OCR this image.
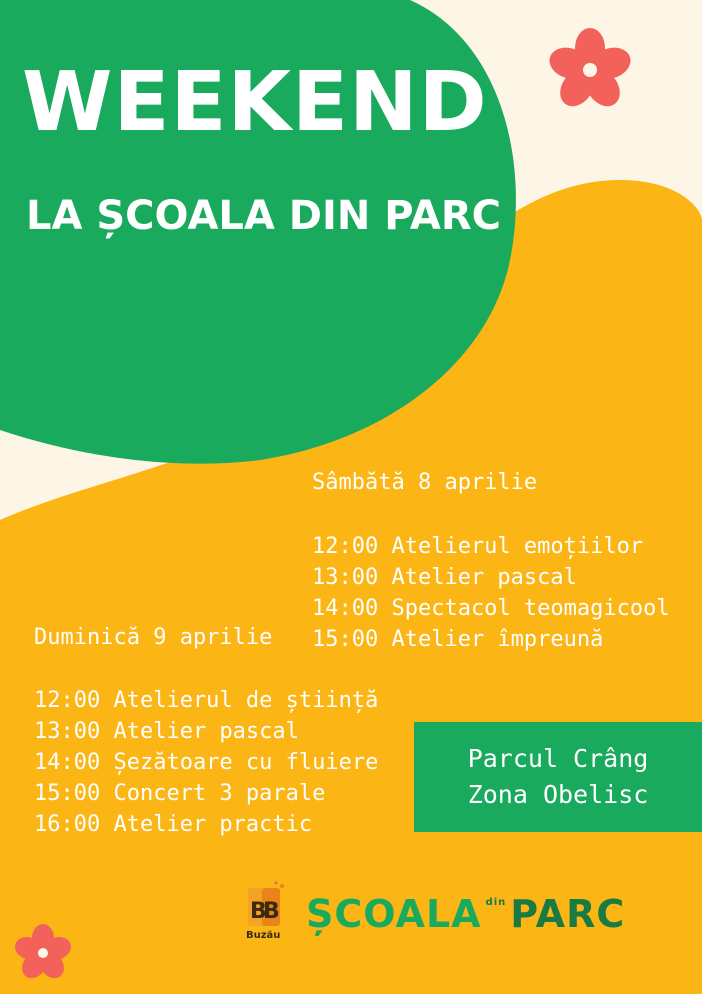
WEEKEND
LA ȘCOALA DIN PARC
Sâmbătă 8 aprilie
12:00 Atelierul emoțiilor
13:00 Atelier pascal
14:00 Spectacol teomagicool
15:00 Atelier împreună
Duminică 9 aprilie
12:00 Atelierul de știință
13:00 Atelier pascal
14:00 Șezătoare cu fluiere
15:00 Concert 3 parale
16:00 Atelier practic
Parcul Crâng
Zona Obelisc
B
B
Buzău ȘCOALA din PARC
